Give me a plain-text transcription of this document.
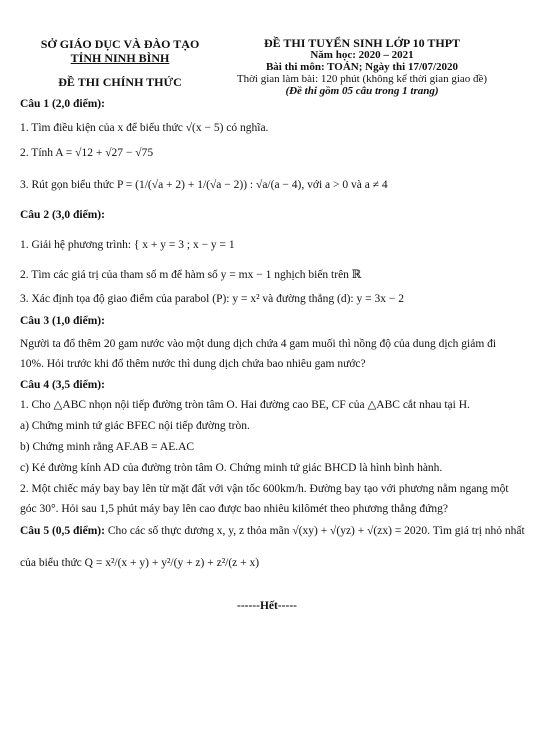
SỞ GIÁO DỤC VÀ ĐÀO TẠO
TỈNH NINH BÌNH
ĐỀ THI CHÍNH THỨC
ĐỀ THI TUYỂN SINH LỚP 10 THPT
Năm học: 2020 – 2021
Bài thi môn: TOÁN; Ngày thi 17/07/2020
Thời gian làm bài: 120 phút (không kể thời gian giao đề)
(Đề thi gồm 05 câu trong 1 trang)

Câu 1 (2,0 điểm):

1. Tìm điều kiện của x để biểu thức √(x − 5) có nghĩa.

2. Tính A = √12 + √27 − √75

3. Rút gọn biểu thức P = (1/(√a + 2) + 1/(√a − 2)) : √a/(a − 4), với a > 0 và a ≠ 4

Câu 2 (3,0 điểm):

1. Giải hệ phương trình: { x + y = 3 ; x − y = 1

2. Tìm các giá trị của tham số m để hàm số y = mx − 1 nghịch biến trên ℝ

3. Xác định tọa độ giao điểm của parabol (P): y = x² và đường thẳng (d): y = 3x − 2

Câu 3 (1,0 điểm):

Người ta đổ thêm 20 gam nước vào một dung dịch chứa 4 gam muối thì nồng độ của dung dịch giảm đi 10%. Hỏi trước khi đổ thêm nước thì dung dịch chứa bao nhiêu gam nước?

Câu 4 (3,5 điểm):

1. Cho △ABC nhọn nội tiếp đường tròn tâm O. Hai đường cao BE, CF của △ABC cắt nhau tại H.

a) Chứng minh tứ giác BFEC nội tiếp đường tròn.

b) Chứng minh rằng AF.AB = AE.AC

c) Kẻ đường kính AD của đường tròn tâm O. Chứng minh tứ giác BHCD là hình bình hành.

2. Một chiếc máy bay bay lên từ mặt đất với vận tốc 600km/h. Đường bay tạo với phương nằm ngang một góc 30°. Hỏi sau 1,5 phút máy bay lên cao được bao nhiêu kilômét theo phương thẳng đứng?

Câu 5 (0,5 điểm): Cho các số thực dương x, y, z thỏa mãn √(xy) + √(yz) + √(zx) = 2020. Tìm giá trị nhỏ nhất

của biểu thức Q = x²/(x + y) + y²/(y + z) + z²/(z + x)

------Hết-----
